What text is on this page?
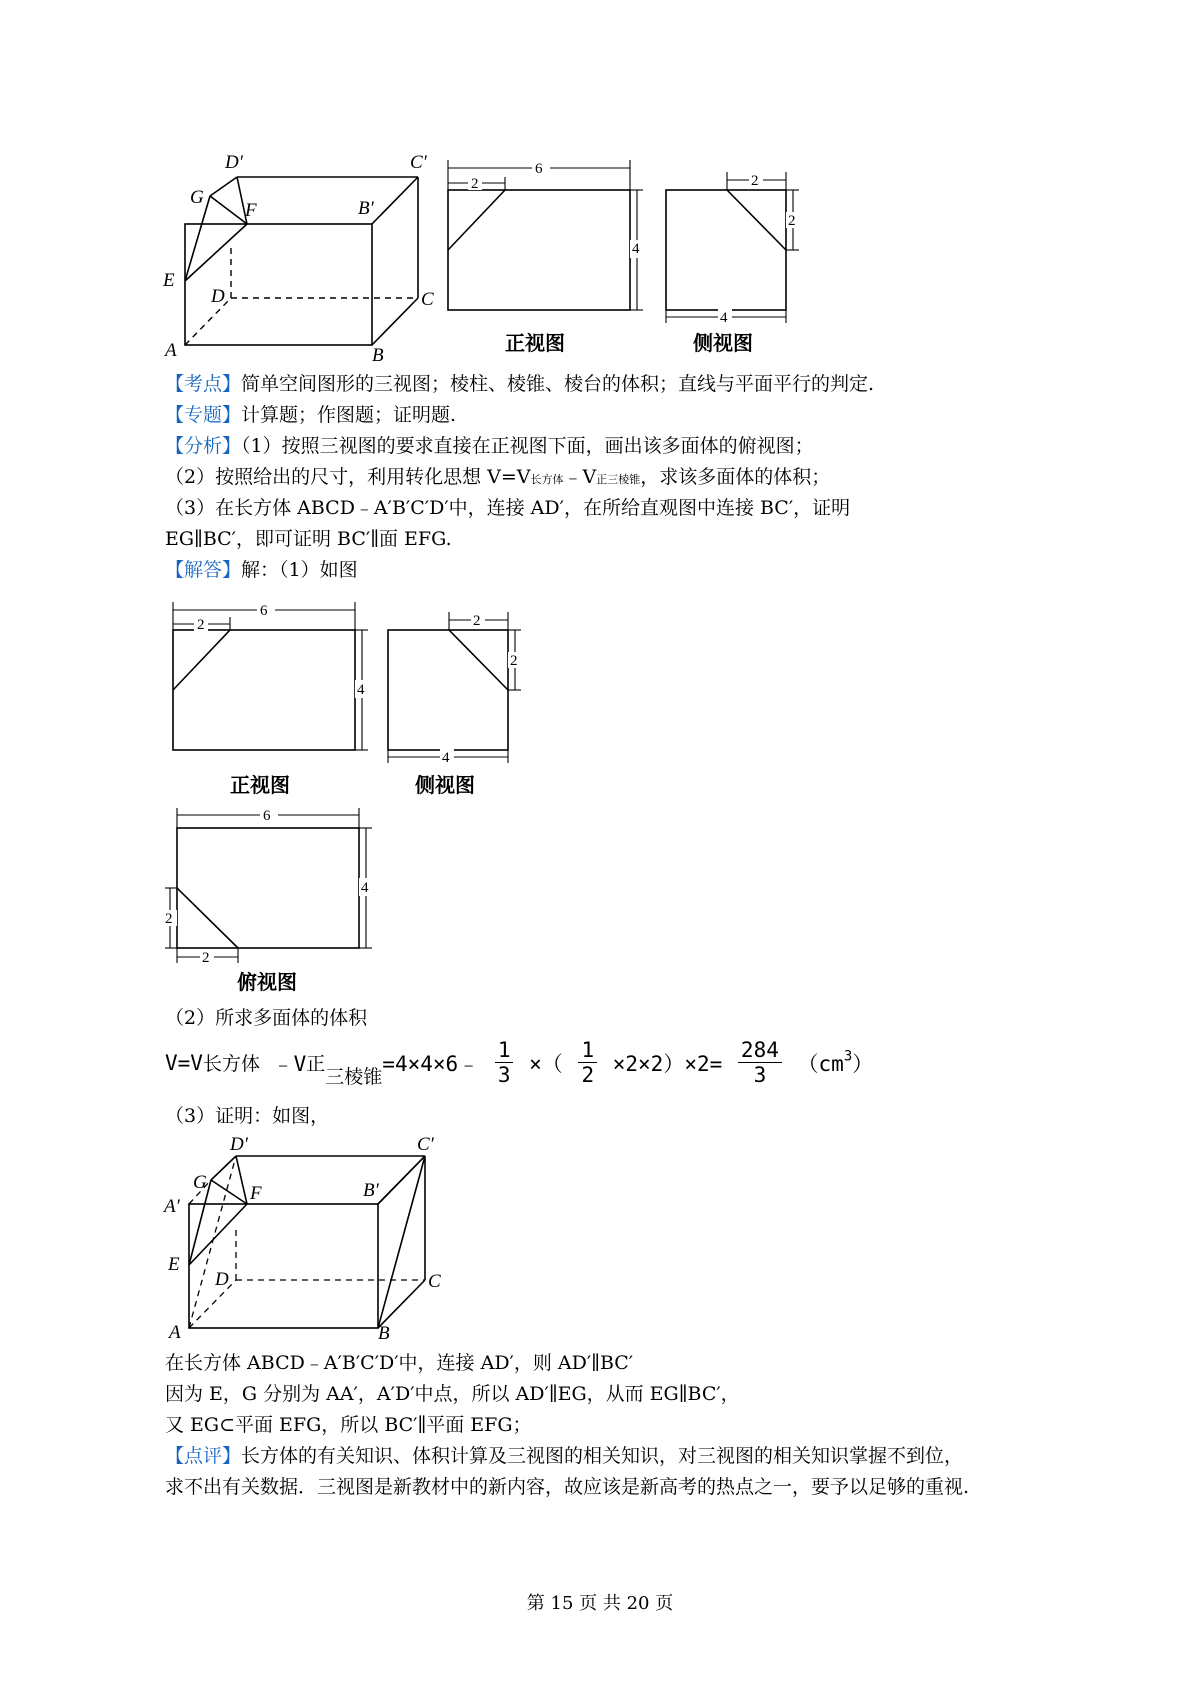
D′	C′
G
F	B′
E
D	C
A	B
6
2
4
正视图
2
2
4
侧视图
【考点】简单空间图形的三视图；棱柱、棱锥、棱台的体积；直线与平面平行的判定.
【专题】计算题；作图题；证明题.
【分析】（1）按照三视图的要求直接在正视图下面，画出该多面体的俯视图；
（2）按照给出的尺寸，利用转化思想 V=V长方体﹣V正三棱锥，求该多面体的体积；
（3）在长方体 ABCD﹣A′B′C′D′中，连接 AD′，在所给直观图中连接 BC′，证明
EG∥BC′，即可证明 BC′∥面 EFG.
【解答】解：（1）如图
6
2
4
正视图
2
2
4
侧视图
6
4
2
2
俯视图
（2）所求多面体的体积
V=V长方体 ﹣V正三棱锥=4×4×6﹣ $\frac{1}{3}$ ×（ $\frac{1}{2} \times 2\times 2)\times 2= \frac{284}{3} (cm^3)$
（3）证明：如图，
D′	C′
G
F	B′
A′
E
D	C
A	B
在长方体 ABCD﹣A′B′C′D′中，连接 AD′，则 AD′∥BC′
因为 E，G 分别为 AA′，A′D′中点，所以 AD′∥EG，从而 EG∥BC′，
又 EG⊂平面 EFG，所以 BC′∥平面 EFG；
【点评】长方体的有关知识、体积计算及三视图的相关知识，对三视图的相关知识掌握不到位，
求不出有关数据．三视图是新教材中的新内容，故应该是新高考的热点之一，要予以足够的重视.
第 15 页 共 20 页
